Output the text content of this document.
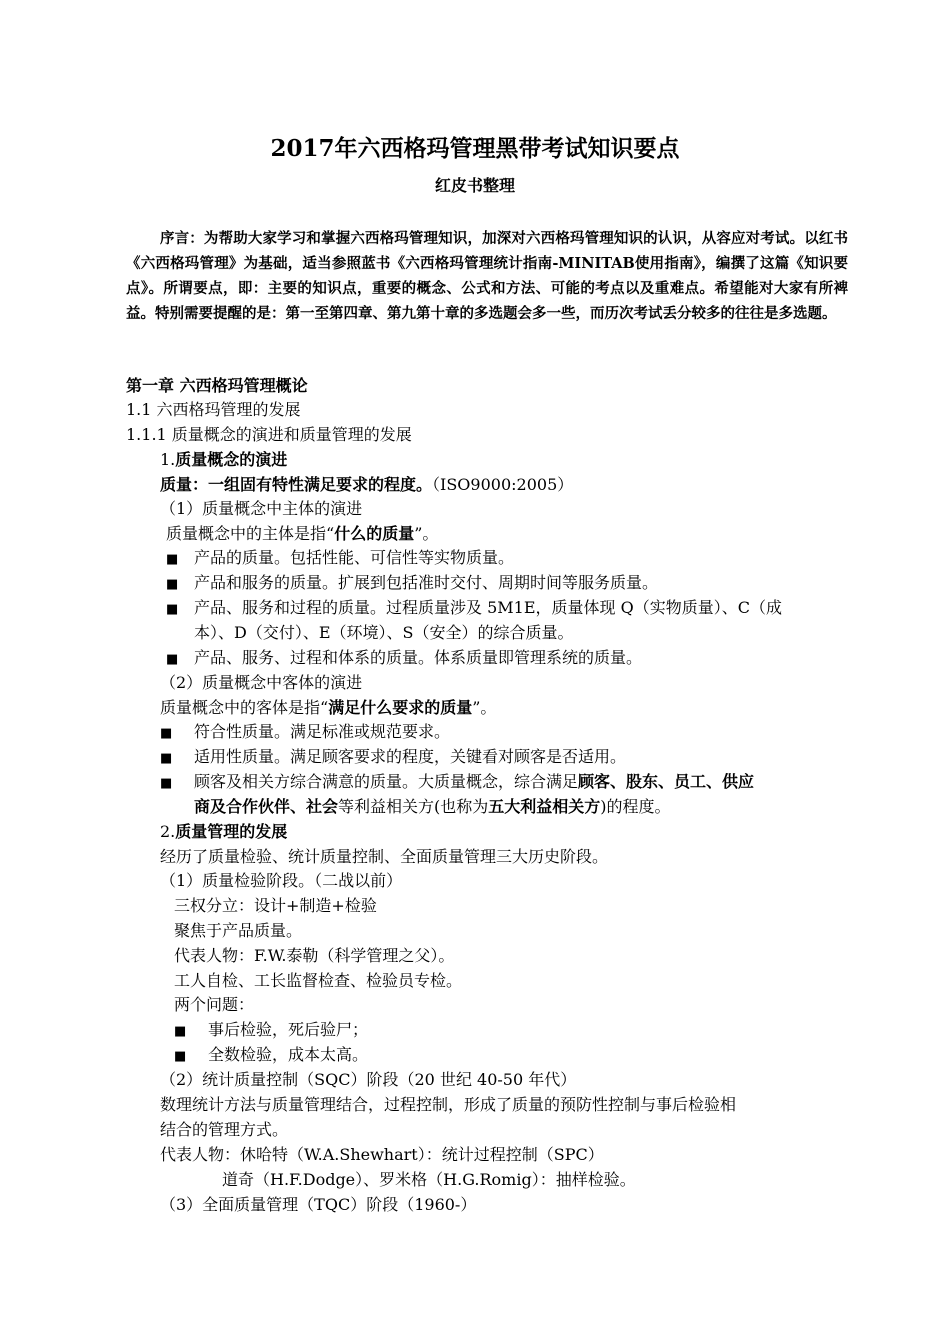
2017年六西格玛管理黑带考试知识要点
红皮书整理
序言：为帮助大家学习和掌握六西格玛管理知识，加深对六西格玛管理知识的认识，从容应对考试。以红书《六西格玛管理》为基础，适当参照蓝书《六西格玛管理统计指南-MINITAB使用指南》，编撰了这篇《知识要点》。所谓要点，即：主要的知识点，重要的概念、公式和方法、可能的考点以及重难点。希望能对大家有所裨益。特别需要提醒的是：第一至第四章、第九第十章的多选题会多一些，而历次考试丢分较多的往往是多选题。
第一章 六西格玛管理概论
1.1 六西格玛管理的发展
1.1.1 质量概念的演进和质量管理的发展
1.质量概念的演进
质量：一组固有特性满足要求的程度。（ISO9000:2005）
（1）质量概念中主体的演进
质量概念中的主体是指“什么的质量”。
■ 产品的质量。包括性能、可信性等实物质量。
■ 产品和服务的质量。扩展到包括准时交付、周期时间等服务质量。
■ 产品、服务和过程的质量。过程质量涉及 5M1E，质量体现 Q（实物质量）、C（成
本）、D（交付）、E（环境）、S（安全）的综合质量。
■ 产品、服务、过程和体系的质量。体系质量即管理系统的质量。
（2）质量概念中客体的演进
质量概念中的客体是指“满足什么要求的质量”。
■ 符合性质量。满足标准或规范要求。
■ 适用性质量。满足顾客要求的程度，关键看对顾客是否适用。
■ 顾客及相关方综合满意的质量。大质量概念，综合满足顾客、股东、员工、供应
商及合作伙伴、社会等利益相关方(也称为五大利益相关方)的程度。
2.质量管理的发展
经历了质量检验、统计质量控制、全面质量管理三大历史阶段。
（1）质量检验阶段。（二战以前）
三权分立：设计+制造+检验
聚焦于产品质量。
代表人物：F.W.泰勒（科学管理之父）。
工人自检、工长监督检查、检验员专检。
两个问题：
■ 事后检验，死后验尸；
■ 全数检验，成本太高。
（2）统计质量控制（SQC）阶段（20 世纪 40-50 年代）
数理统计方法与质量管理结合，过程控制，形成了质量的预防性控制与事后检验相
结合的管理方式。
代表人物：休哈特（W.A.Shewhart）：统计过程控制（SPC）
道奇（H.F.Dodge）、罗米格（H.G.Romig）：抽样检验。
（3）全面质量管理（TQC）阶段（1960-）
